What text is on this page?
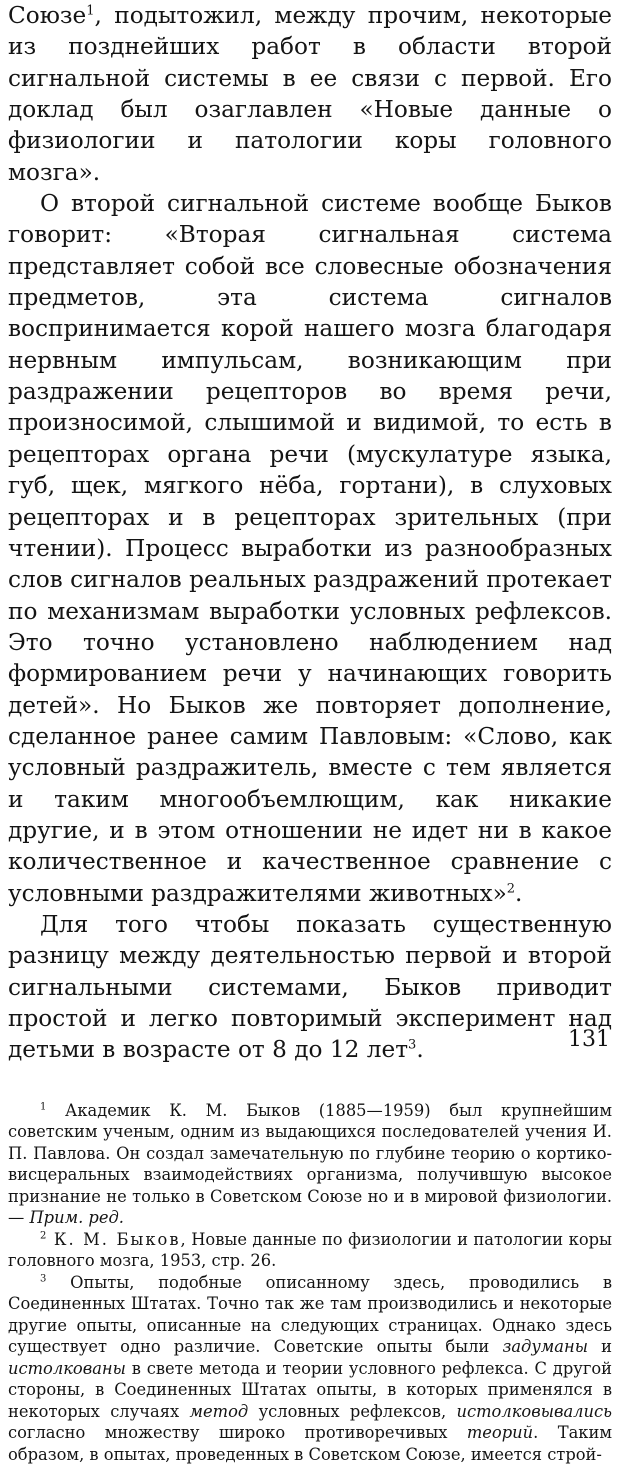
Союзе$^1$, подытожил, между прочим, некоторые из позднейших работ в области второй сигнальной системы в ее связи с первой. Его доклад был озаглавлен «Новые данные о физиологии и патологии коры головного мозга».

О второй сигнальной системе вообще Быков говорит: «Вторая сигнальная система представляет собой все словесные обозначения предметов, эта система сигналов воспринимается корой нашего мозга благодаря нервным импульсам, возникающим при раздражении рецепторов во время речи, произносимой, слышимой и видимой, то есть в рецепторах органа речи (мускулатуре языка, губ, щек, мягкого нёба, гортани), в слуховых рецепторах и в рецепторах зрительных (при чтении). Процесс выработки из разнообразных слов сигналов реальных раздражений протекает по механизмам выработки условных рефлексов. Это точно установлено наблюдением над формированием речи у начинающих говорить детей». Но Быков же повторяет дополнение, сделанное ранее самим Павловым: «Слово, как условный раздражитель, вместе с тем является и таким многообъемлющим, как никакие другие, и в этом отношении не идет ни в какое количественное и качественное сравнение с условными раздражителями животных»$^2$.

Для того чтобы показать существенную разницу между деятельностью первой и второй сигнальными системами, Быков приводит простой и легко повторимый эксперимент над детьми в возрасте от 8 до 12 лет$^3$.

$^1$ Академик К. М. Быков (1885—1959) был крупнейшим советским ученым, одним из выдающихся последователей учения И. П. Павлова. Он создал замечательную по глубине теорию о кортико-висцеральных взаимодействиях организма, получившую высокое признание не только в Советском Союзе но и в мировой физиологии. — Прим. ред.

$^2$ К. М. Быков, Новые данные по физиологии и патологии коры головного мозга, 1953, стр. 26.

$^3$ Опыты, подобные описанному здесь, проводились в Соединенных Штатах. Точно так же там производились и некоторые другие опыты, описанные на следующих страницах. Однако здесь существует одно различие. Советские опыты были задуманы и истолкованы в свете метода и теории условного рефлекса. С другой стороны, в Соединенных Штатах опыты, в которых применялся в некоторых случаях метод условных рефлексов, истолковывались согласно множеству широко противоречивых теорий. Таким образом, в опытах, проведенных в Советском Союзе, имеется строй-

131
